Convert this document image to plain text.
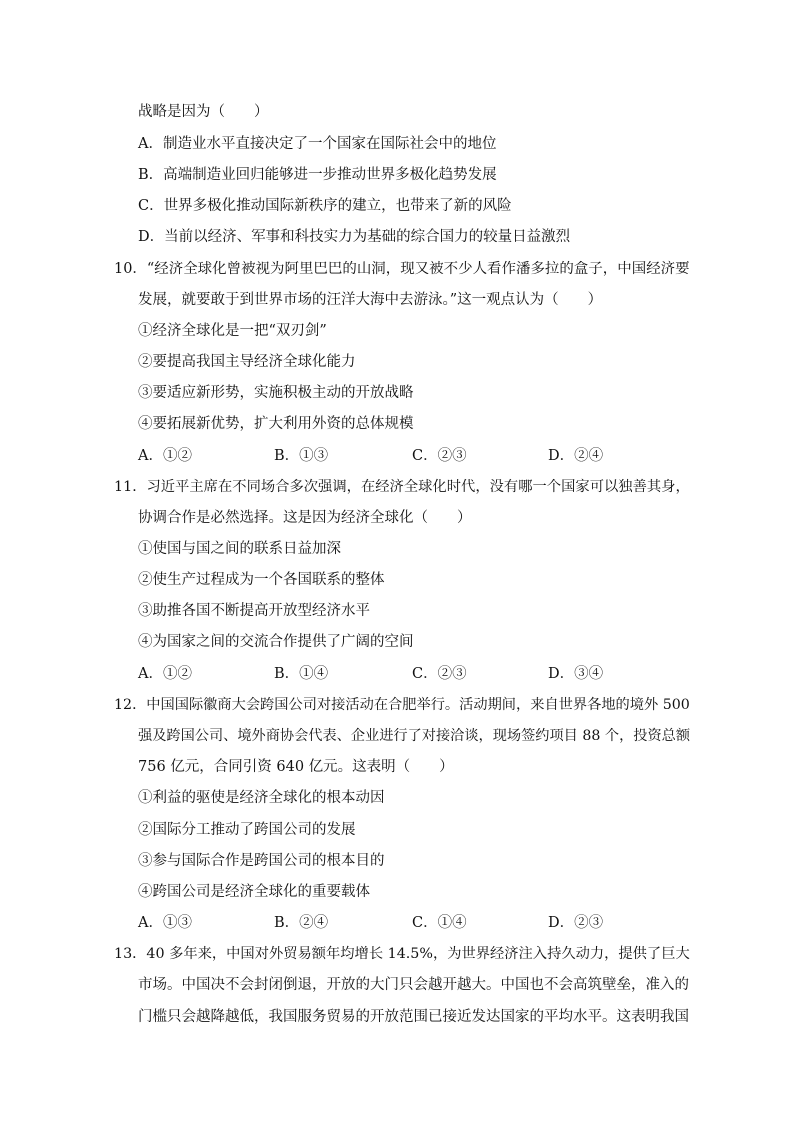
战略是因为（　　）
A．制造业水平直接决定了一个国家在国际社会中的地位
B．高端制造业回归能够进一步推动世界多极化趋势发展
C．世界多极化推动国际新秩序的建立，也带来了新的风险
D．当前以经济、军事和科技实力为基础的综合国力的较量日益激烈
10．“经济全球化曾被视为阿里巴巴的山洞，现又被不少人看作潘多拉的盒子，中国经济要
发展，就要敢于到世界市场的汪洋大海中去游泳。”这一观点认为（　　）
①经济全球化是一把“双刃剑”
②要提高我国主导经济全球化能力
③要适应新形势，实施积极主动的开放战略
④要拓展新优势，扩大利用外资的总体规模
A．①②	B．①③	C．②③	D．②④
11．习近平主席在不同场合多次强调，在经济全球化时代，没有哪一个国家可以独善其身，
协调合作是必然选择。这是因为经济全球化（　　）
①使国与国之间的联系日益加深
②使生产过程成为一个各国联系的整体
③助推各国不断提高开放型经济水平
④为国家之间的交流合作提供了广阔的空间
A．①②	B．①④	C．②③	D．③④
12．中国国际徽商大会跨国公司对接活动在合肥举行。活动期间，来自世界各地的境外 500
强及跨国公司、境外商协会代表、企业进行了对接洽谈，现场签约项目 88 个，投资总额
756 亿元，合同引资 640 亿元。这表明（　　）
①利益的驱使是经济全球化的根本动因
②国际分工推动了跨国公司的发展
③参与国际合作是跨国公司的根本目的
④跨国公司是经济全球化的重要载体
A．①③	B．②④	C．①④	D．②③
13．40 多年来，中国对外贸易额年均增长 14.5%，为世界经济注入持久动力，提供了巨大
市场。中国决不会封闭倒退，开放的大门只会越开越大。中国也不会高筑壁垒，准入的
门槛只会越降越低，我国服务贸易的开放范围已接近发达国家的平均水平。这表明我国
